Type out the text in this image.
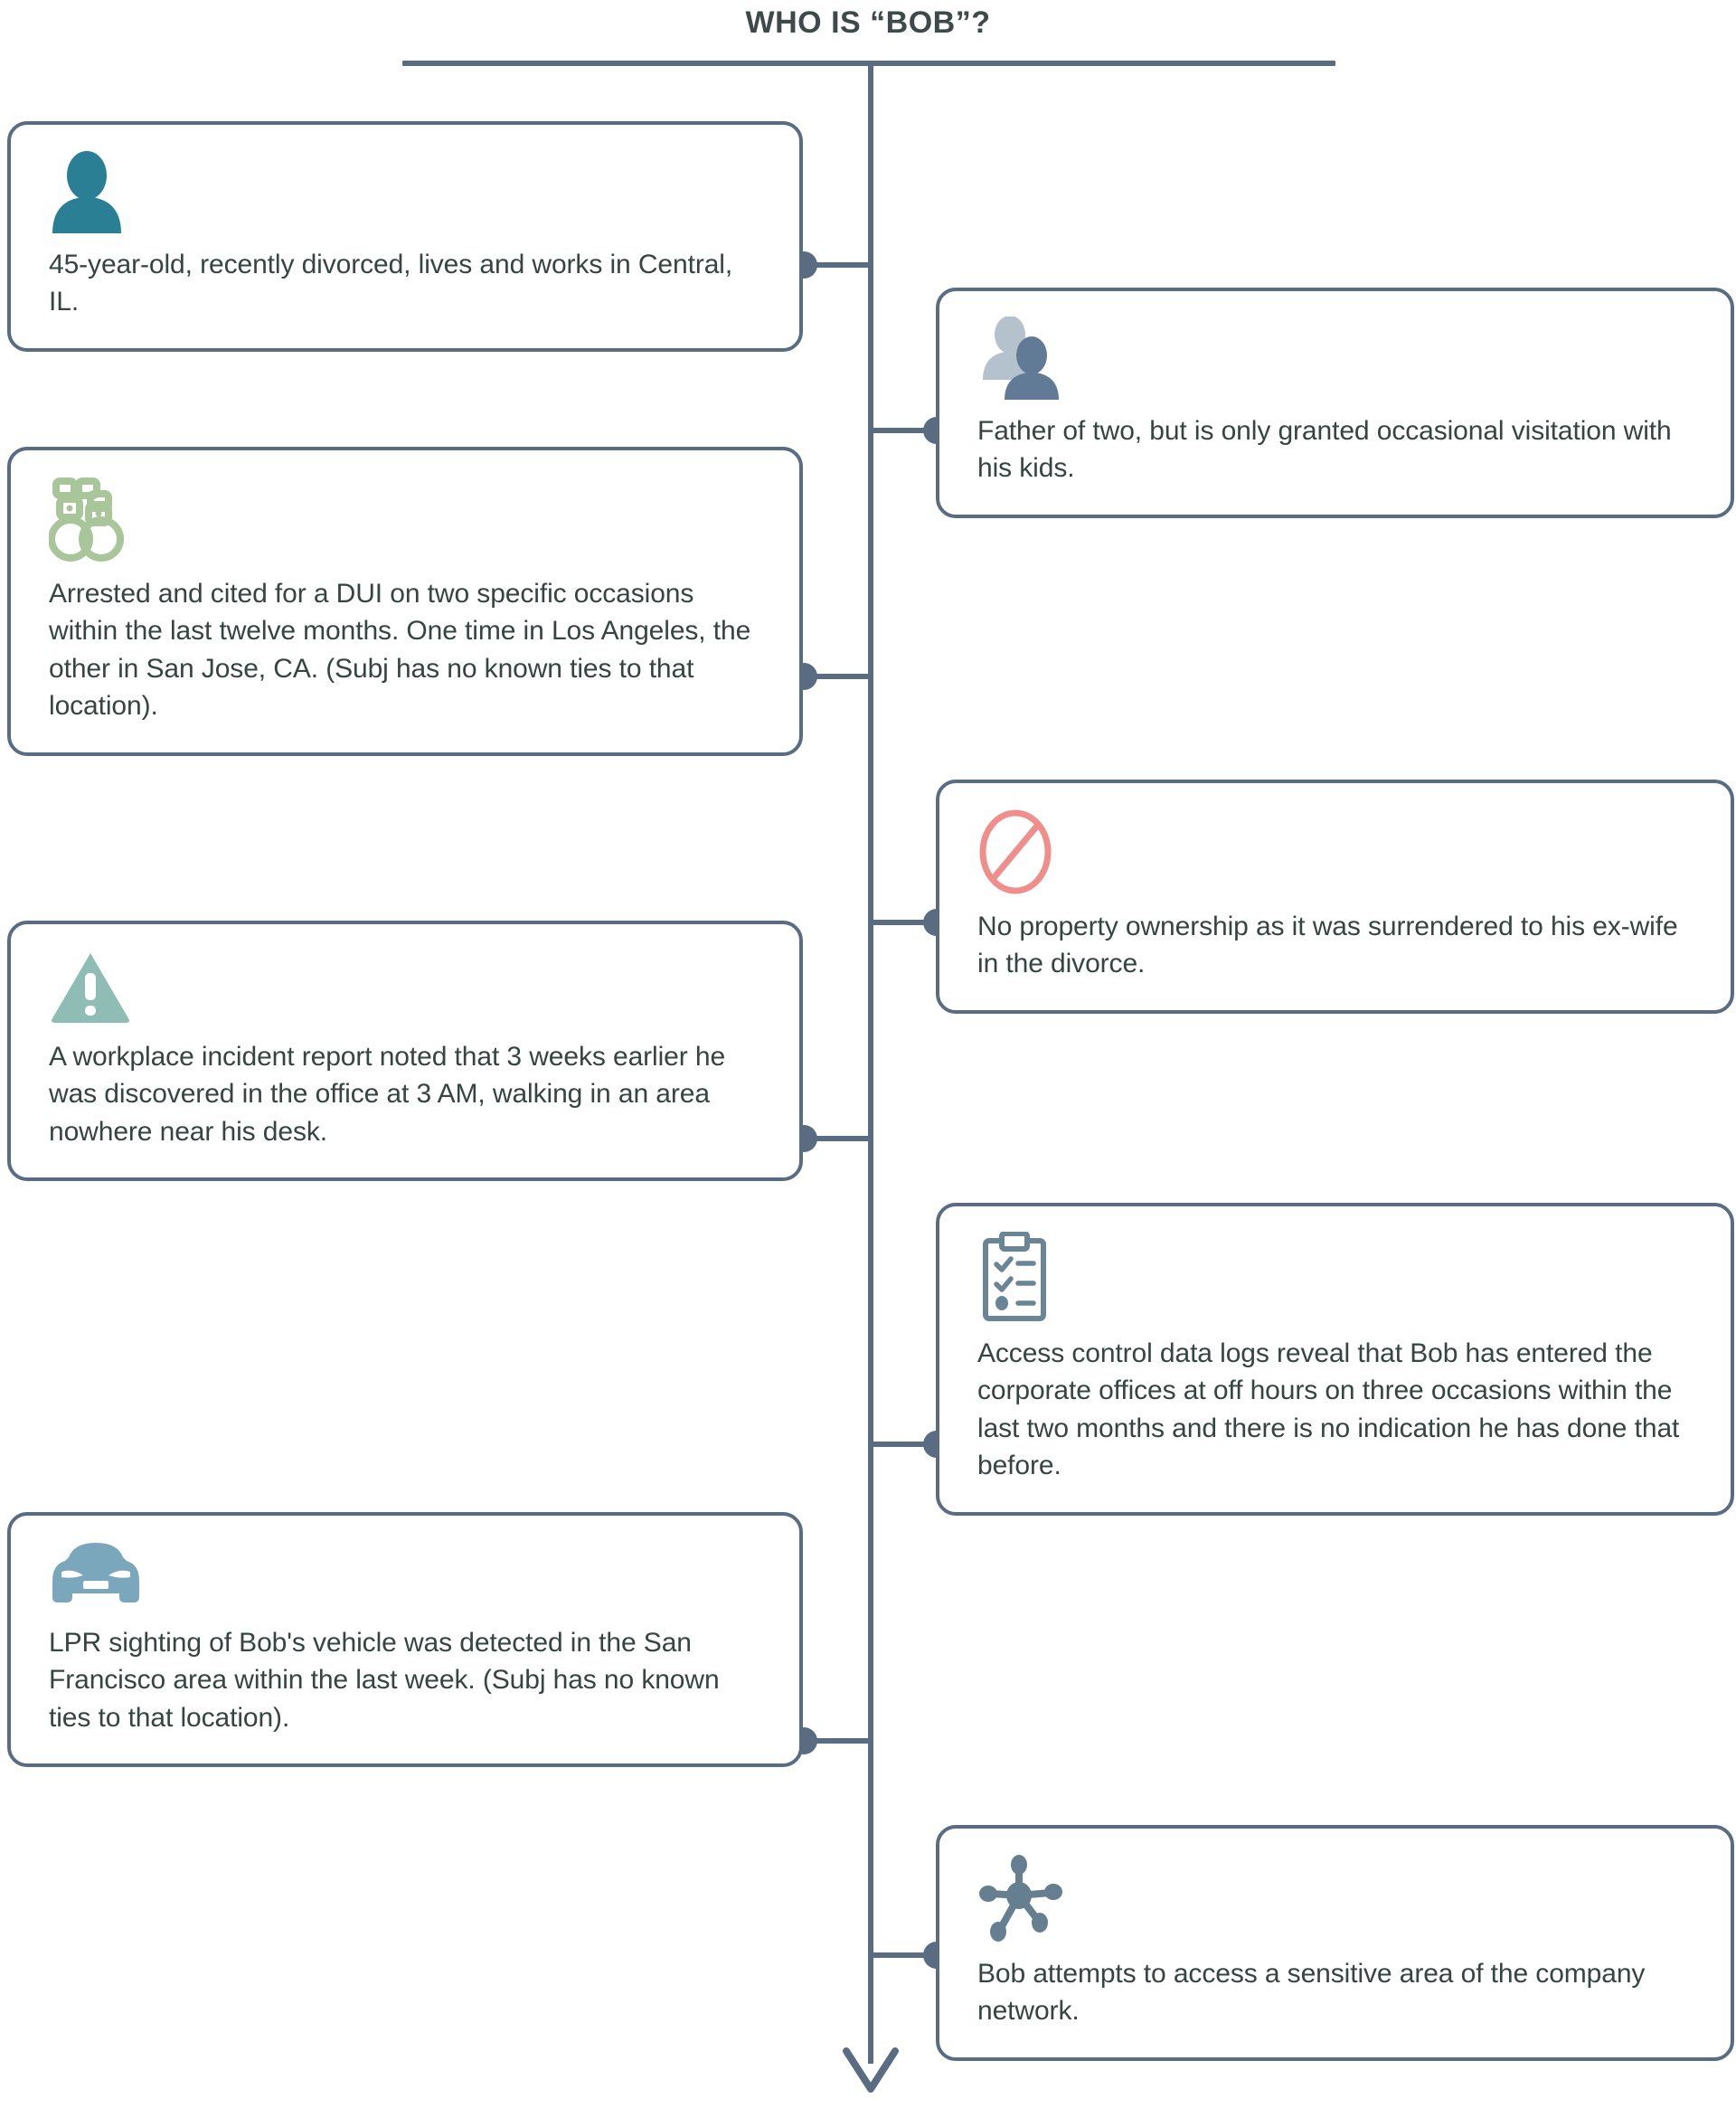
WHO IS “BOB”?
45-year-old, recently divorced, lives and works in Central, IL.
Arrested and cited for a DUI on two specific occasions within the last twelve months. One time in Los Angeles, the other in San Jose, CA. (Subj has no known ties to that location).
A workplace incident report noted that 3 weeks earlier he was discovered in the office at 3 AM, walking in an area nowhere near his desk.
LPR sighting of Bob's vehicle was detected in the San Francisco area within the last week. (Subj has no known ties to that location).
Father of two, but is only granted occasional visitation with his kids.
No property ownership as it was surrendered to his ex-wife in the divorce.
Access control data logs reveal that Bob has entered the corporate offices at off hours on three occasions within the last two months and there is no indication he has done that before.
Bob attempts to access a sensitive area of the company network.
